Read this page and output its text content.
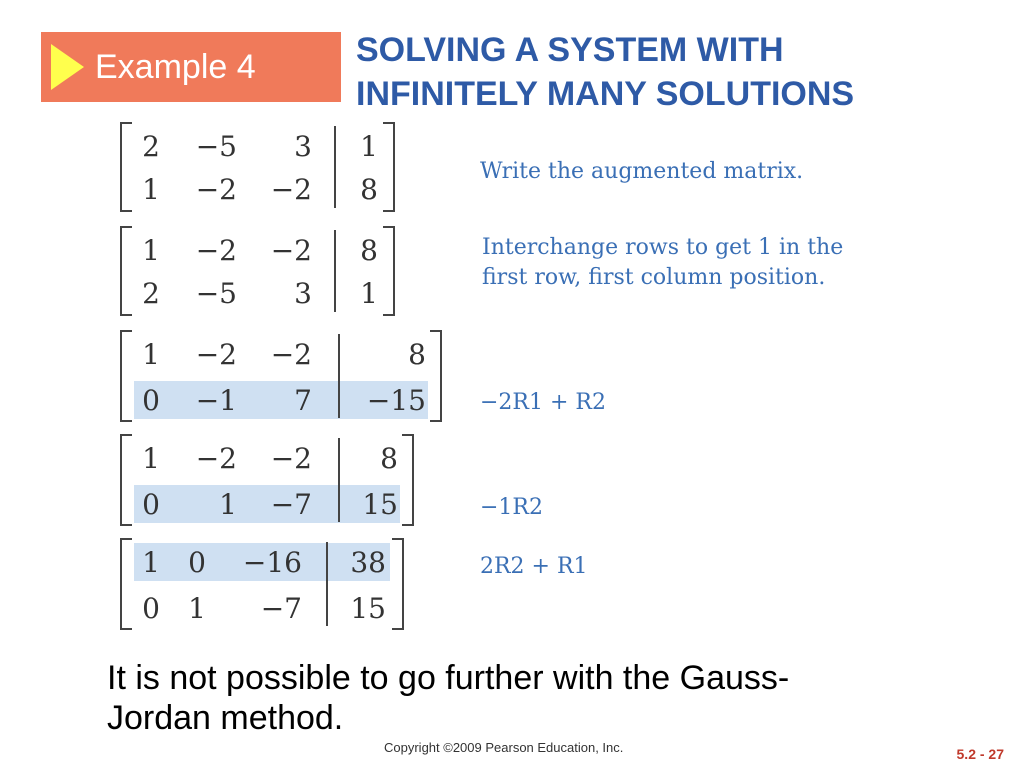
Example 4	SOLVING A SYSTEM WITH
INFINITELY MANY SOLUTIONS
2	−5	3	1
1	−2	−2	8
Write the augmented matrix.
1	−2	−2	8
2	−5	3	1
Interchange rows to get 1 in the
first row, first column position.
1	−2	−2	8
0	−1	7	−15 −2R1 + R2
1	−2	−2	8
0	1	−7	15	−1R2
1	0	−16	38
0	1	−7	15
2R2 + R1
It is not possible to go further with the Gauss-
Jordan method.
Copyright ©2009 Pearson Education, Inc.	5.2 - 27
